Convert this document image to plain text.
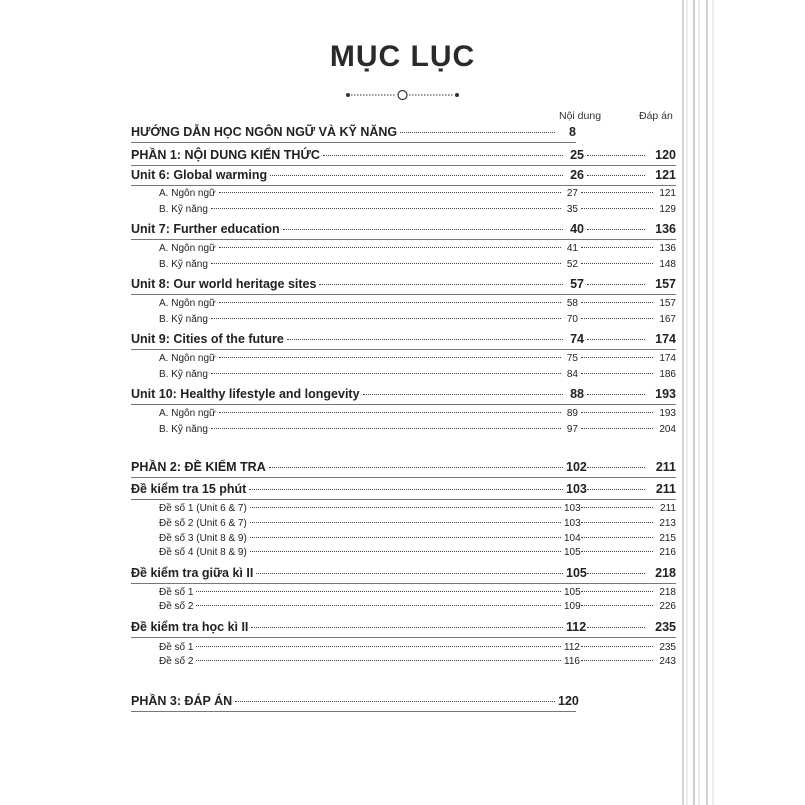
MỤC LỤC
Nội dung	Đáp án
HƯỚNG DẪN HỌC NGÔN NGỮ VÀ KỸ NĂNG	8
PHẦN 1: NỘI DUNG KIẾN THỨC	25	120
Unit 6: Global warming	26	121
A. Ngôn ngữ	27	121
B. Kỹ năng	35	129
Unit 7: Further education	40	136
A. Ngôn ngữ	41	136
B. Kỹ năng	52	148
Unit 8: Our world heritage sites	57	157
A. Ngôn ngữ	58	157
B. Kỹ năng	70	167
Unit 9: Cities of the future	74	174
A. Ngôn ngữ	75	174
B. Kỹ năng	84	186
Unit 10: Healthy lifestyle and longevity	88	193
A. Ngôn ngữ	89	193
B. Kỹ năng	97	204
PHẦN 2: ĐỀ KIỂM TRA	102	211
Đề kiểm tra 15 phút	103	211
Đề số 1 (Unit 6 & 7)	103	211
Đề số 2 (Unit 6 & 7)	103	213
Đề số 3 (Unit 8 & 9)	104	215
Đề số 4 (Unit 8 & 9)	105	216
Đề kiểm tra giữa kì II	105	218
Đề số 1	105	218
Đề số 2	109	226
Đề kiểm tra học kì II	112	235
Đề số 1	112	235
Đề số 2	116	243
PHẦN 3: ĐÁP ÁN	120
